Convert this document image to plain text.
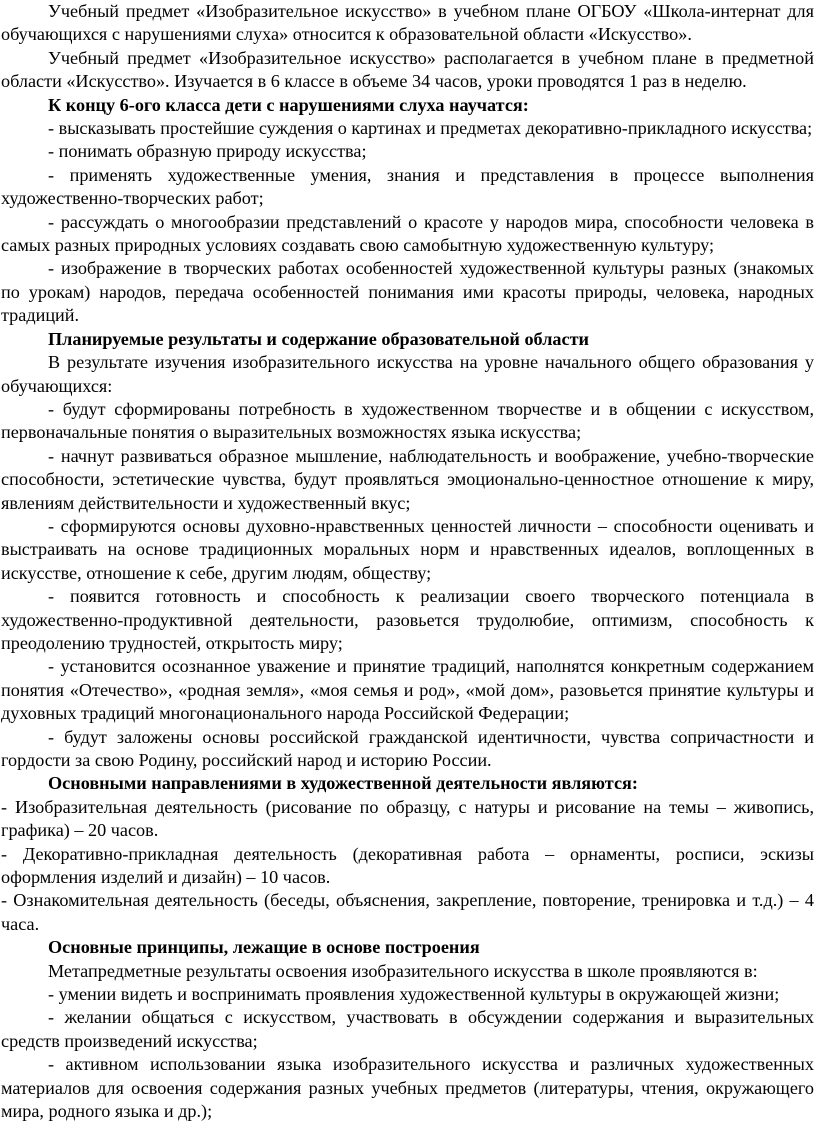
Учебный предмет «Изобразительное искусство» в учебном плане ОГБОУ «Школа-интернат для обучающихся с нарушениями слуха» относится к образовательной области «Искусство».

Учебный предмет «Изобразительное искусство» располагается в учебном плане в предметной области «Искусство». Изучается в 6 классе в объеме 34 часов, уроки проводятся 1 раз в неделю.

К концу 6-ого класса дети с нарушениями слуха научатся:

- высказывать простейшие суждения о картинах и предметах декоративно-прикладного искусства;

- понимать образную природу искусства;

- применять художественные умения, знания и представления в процессе выполнения художественно-творческих работ;

- рассуждать о многообразии представлений о красоте у народов мира, способности человека в самых разных природных условиях создавать свою самобытную художественную культуру;

- изображение в творческих работах особенностей художественной культуры разных (знакомых по урокам) народов, передача особенностей понимания ими красоты природы, человека, народных традиций.

Планируемые результаты и содержание образовательной области

В результате изучения изобразительного искусства на уровне начального общего образования у обучающихся:

- будут сформированы потребность в художественном творчестве и в общении с искусством, первоначальные понятия о выразительных возможностях языка искусства;

- начнут развиваться образное мышление, наблюдательность и воображение, учебно-творческие способности, эстетические чувства, будут проявляться эмоционально-ценностное отношение к миру, явлениям действительности и художественный вкус;

- сформируются основы духовно-нравственных ценностей личности – способности оценивать и выстраивать на основе традиционных моральных норм и нравственных идеалов, воплощенных в искусстве, отношение к себе, другим людям, обществу;

- появится готовность и способность к реализации своего творческого потенциала в художественно-продуктивной деятельности, разовьется трудолюбие, оптимизм, способность к преодолению трудностей, открытость миру;

- установится осознанное уважение и принятие традиций, наполнятся конкретным содержанием понятия «Отечество», «родная земля», «моя семья и род», «мой дом», разовьется принятие культуры и духовных традиций многонационального народа Российской Федерации;

- будут заложены основы российской гражданской идентичности, чувства сопричастности и гордости за свою Родину, российский народ и историю России.

Основными направлениями в художественной деятельности являются:

- Изобразительная деятельность (рисование по образцу, с натуры и рисование на темы – живопись, графика) – 20 часов.

- Декоративно-прикладная деятельность (декоративная работа – орнаменты, росписи, эскизы оформления изделий и дизайн) – 10 часов.

- Ознакомительная деятельность (беседы, объяснения, закрепление, повторение, тренировка и т.д.) – 4 часа.

Основные принципы, лежащие в основе построения

Метапредметные результаты освоения изобразительного искусства в школе проявляются в:

- умении видеть и воспринимать проявления художественной культуры в окружающей жизни;

- желании общаться с искусством, участвовать в обсуждении содержания и выразительных средств произведений искусства;

- активном использовании языка изобразительного искусства и различных художественных материалов для освоения содержания разных учебных предметов (литературы, чтения, окружающего мира, родного языка и др.);
